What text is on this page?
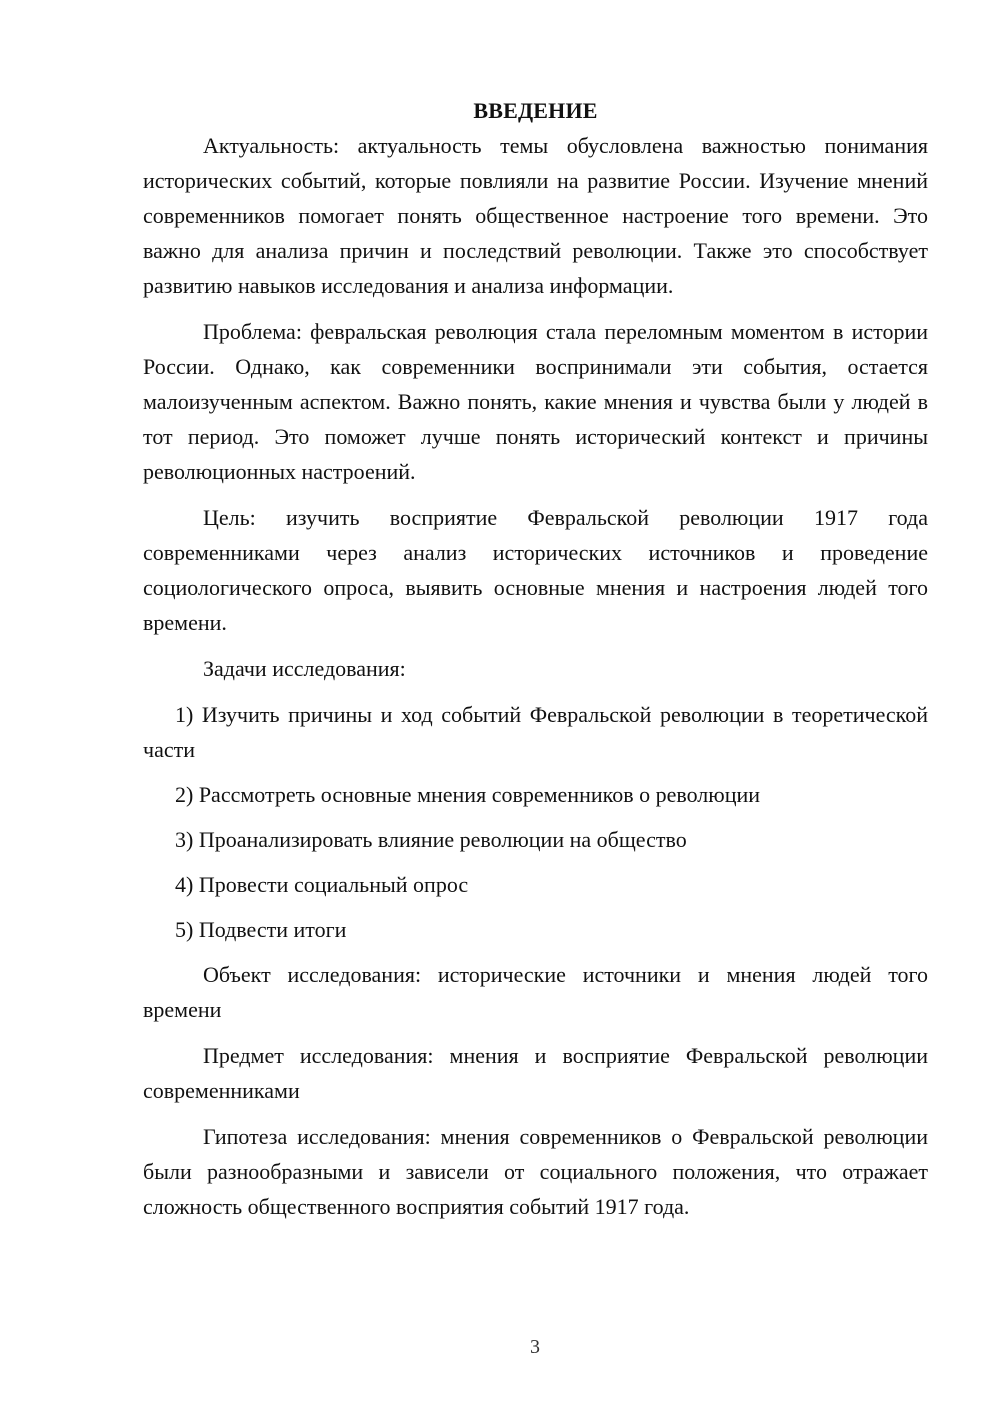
ВВЕДЕНИЕ

Актуальность: актуальность темы обусловлена важностью понимания исторических событий, которые повлияли на развитие России. Изучение мнений современников помогает понять общественное настроение того времени. Это важно для анализа причин и последствий революции. Также это способствует развитию навыков исследования и анализа информации.

Проблема: февральская революция стала переломным моментом в истории России. Однако, как современники воспринимали эти события, остается малоизученным аспектом. Важно понять, какие мнения и чувства были у людей в тот период. Это поможет лучше понять исторический контекст и причины революционных настроений.

Цель: изучить восприятие Февральской революции 1917 года современниками через анализ исторических источников и проведение социологического опроса, выявить основные мнения и настроения людей того времени.

Задачи исследования:

1) Изучить причины и ход событий Февральской революции в теоретической части

2) Рассмотреть основные мнения современников о революции

3) Проанализировать влияние революции на общество

4) Провести социальный опрос

5) Подвести итоги

Объект исследования: исторические источники и мнения людей того времени

Предмет исследования: мнения и восприятие Февральской революции современниками

Гипотеза исследования: мнения современников о Февральской революции были разнообразными и зависели от социального положения, что отражает сложность общественного восприятия событий 1917 года.

3
